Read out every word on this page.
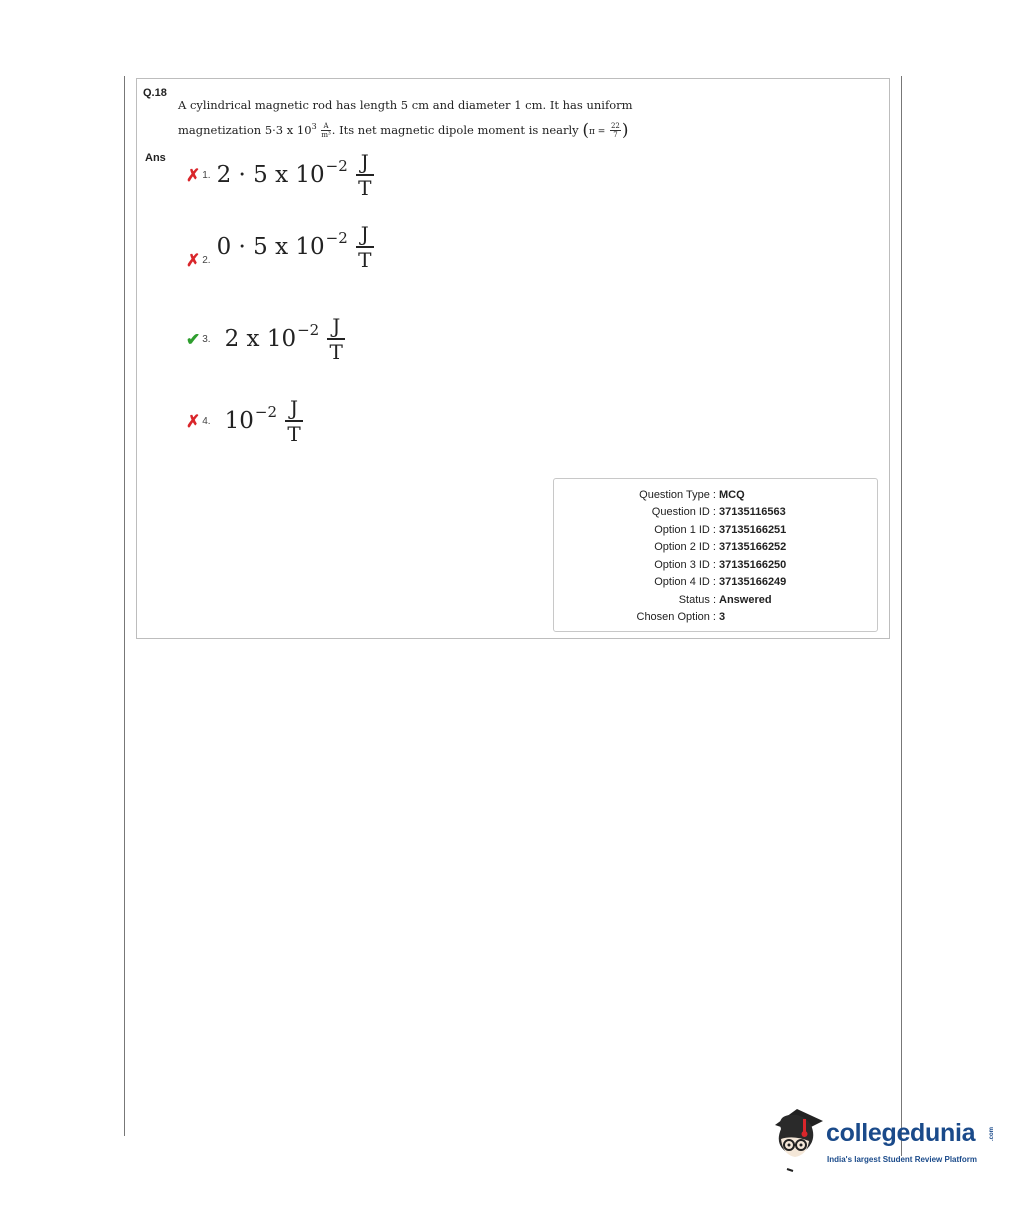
Q.18
A cylindrical magnetic rod has length 5 cm and diameter 1 cm. It has uniform
magnetization 5·3 x $10^3 \frac{A}{\text{m³}}$ . Its net magnetic dipole moment is nearly ($\pi = \frac{22}{7}$ )
Ans
✗ 1. 2 · 5 x $10^{-2}$ J
T
✗ 2. 0 · 5 x $10^{-2}$ J
T
✔ 3. 2 x $10^{-2}$ J
T
✗ 4. $10^{-2}$ J
T
Question Type : MCQ
Question ID : 37135116563
Option 1 ID : 37135166251
Option 2 ID : 37135166252
Option 3 ID : 37135166250
Option 4 ID : 37135166249
Status : Answered
Chosen Option : 3
collegedunia .com
India's largest Student Review Platform
